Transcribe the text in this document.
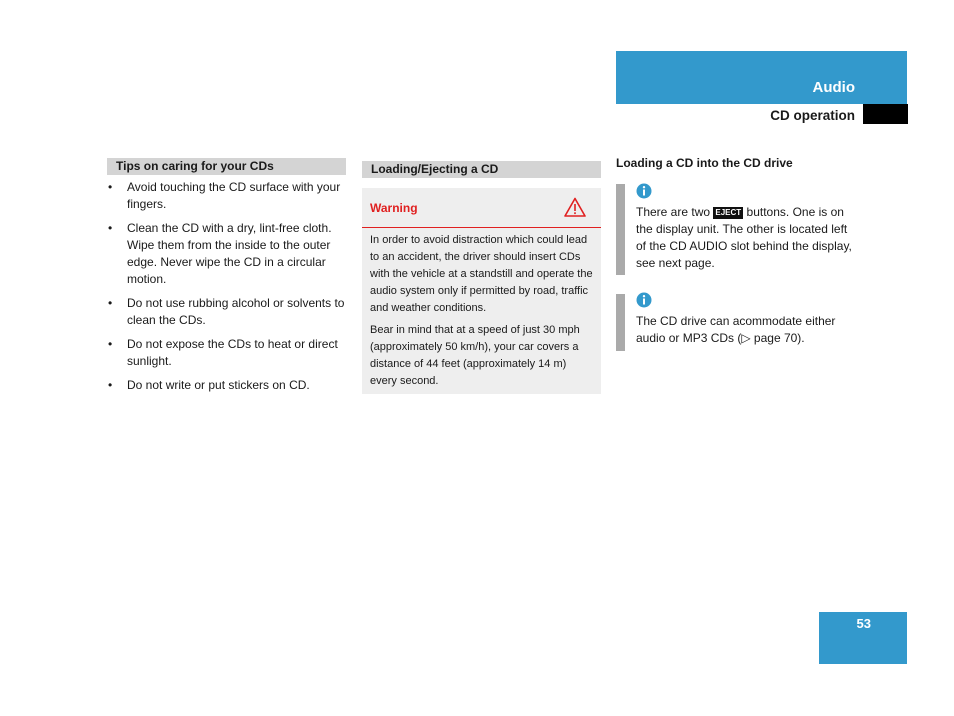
Audio
CD operation
Tips on caring for your CDs
• Avoid touching the CD surface with your fingers.
• Clean the CD with a dry, lint-free cloth. Wipe them from the inside to the outer edge. Never wipe the CD in a circular motion.
• Do not use rubbing alcohol or solvents to clean the CDs.
• Do not expose the CDs to heat or direct sunlight.
• Do not write or put stickers on CD.
Loading/Ejecting a CD
Warning
In order to avoid distraction which could lead to an accident, the driver should insert CDs with the vehicle at a standstill and operate the audio system only if permitted by road, traffic and weather conditions.
Bear in mind that at a speed of just 30 mph (approximately 50 km/h), your car covers a distance of 44 feet (approximately 14 m) every second.
Loading a CD into the CD drive
There are two EJECT buttons. One is on the display unit. The other is located left of the CD AUDIO slot behind the display, see next page.
The CD drive can acommodate either audio or MP3 CDs (▷ page 70).
53
